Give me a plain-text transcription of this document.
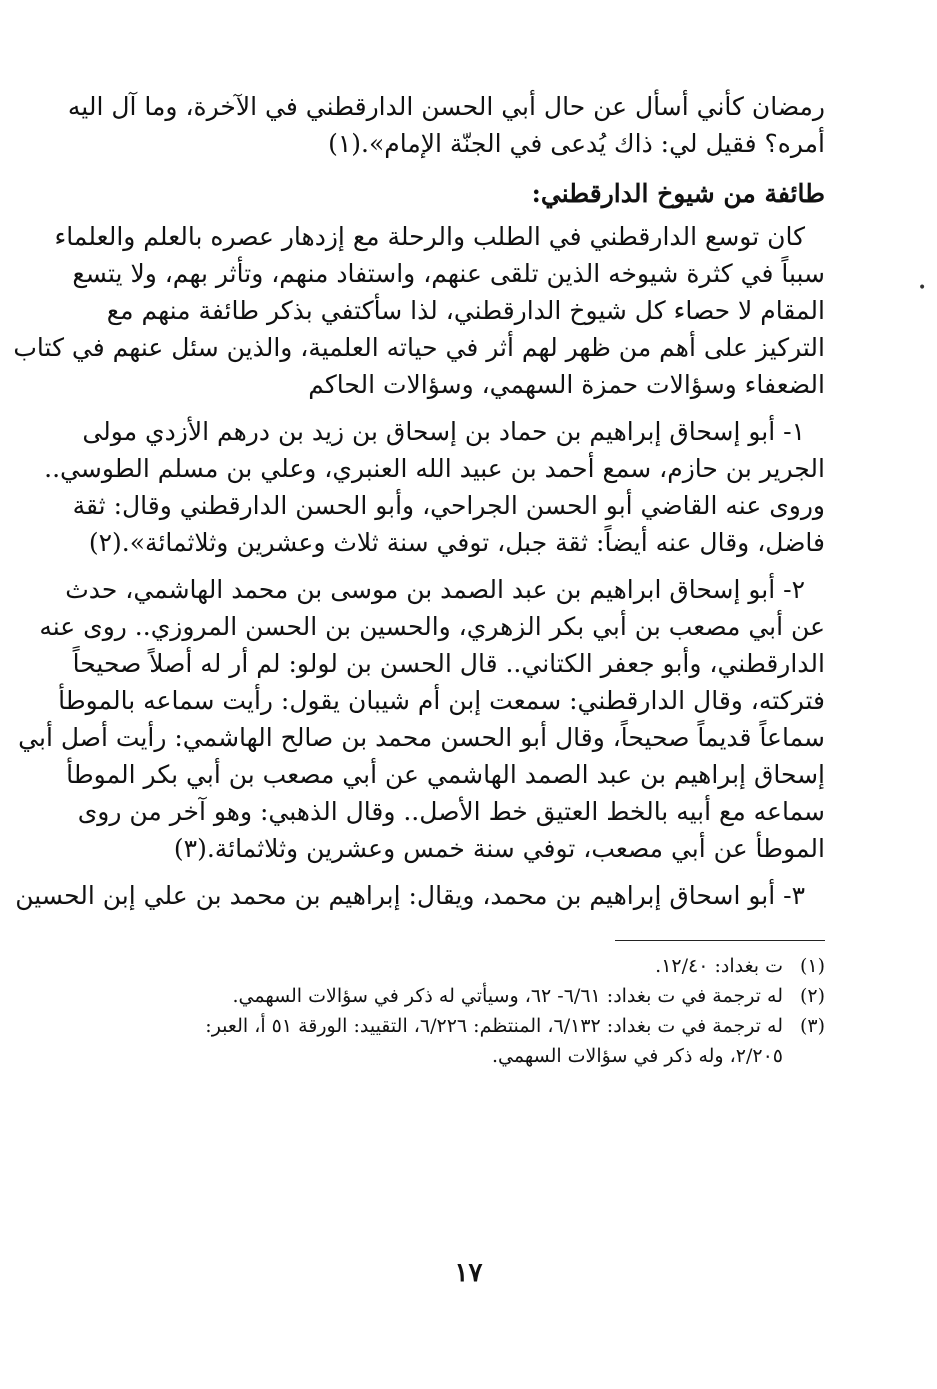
رمضان كأني أسأل عن حال أبي الحسن الدارقطني في الآخرة، وما آل اليه
أمره؟ فقيل لي: ذاك يُدعى في الجنّة الإمام».(١)
طائفة من شيوخ الدارقطني:
كان توسع الدارقطني في الطلب والرحلة مع إزدهار عصره بالعلم والعلماء
سبباً في كثرة شيوخه الذين تلقى عنهم، واستفاد منهم، وتأثر بهم، ولا يتسع
المقام لا حصاء كل شيوخ الدارقطني، لذا سأكتفي بذكر طائفة منهم مع
التركيز على أهم من ظهر لهم أثر في حياته العلمية، والذين سئل عنهم في كتاب
الضعفاء وسؤالات حمزة السهمي، وسؤالات الحاكم
١- أبو إسحاق إبراهيم بن حماد بن إسحاق بن زيد بن درهم الأزدي مولى
الجرير بن حازم، سمع أحمد بن عبيد الله العنبري، وعلي بن مسلم الطوسي..
وروى عنه القاضي أبو الحسن الجراحي، وأبو الحسن الدارقطني وقال: ثقة
فاضل، وقال عنه أيضاً: ثقة جبل، توفي سنة ثلاث وعشرين وثلاثمائة».(٢)
٢- أبو إسحاق ابراهيم بن عبد الصمد بن موسى بن محمد الهاشمي، حدث
عن أبي مصعب بن أبي بكر الزهري، والحسين بن الحسن المروزي.. روى عنه
الدارقطني، وأبو جعفر الكتاني.. قال الحسن بن لولو: لم أر له أصلاً صحيحاً
فتركته، وقال الدارقطني: سمعت إبن أم شيبان يقول: رأيت سماعه بالموطأ
سماعاً قديماً صحيحاً، وقال أبو الحسن محمد بن صالح الهاشمي: رأيت أصل أبي
إسحاق إبراهيم بن عبد الصمد الهاشمي عن أبي مصعب بن أبي بكر الموطأ
سماعه مع أبيه بالخط العتيق خط الأصل.. وقال الذهبي: وهو آخر من روى
الموطأ عن أبي مصعب، توفي سنة خمس وعشرين وثلاثمائة.(٣)
٣- أبو اسحاق إبراهيم بن محمد، ويقال: إبراهيم بن محمد بن علي إبن الحسين
(١)
ت بغداد: ١٢/٤٠.
(٢)
له ترجمة في ت بغداد: ٦/٦١- ٦٢، وسيأتي له ذكر في سؤالات السهمي.
(٣)
له ترجمة في ت بغداد: ٦/١٣٢، المنتظم: ٦/٢٢٦، التقييد: الورقة ٥١ أ، العبر:
٢/٢٠٥، وله ذكر في سؤالات السهمي.
١٧
•
